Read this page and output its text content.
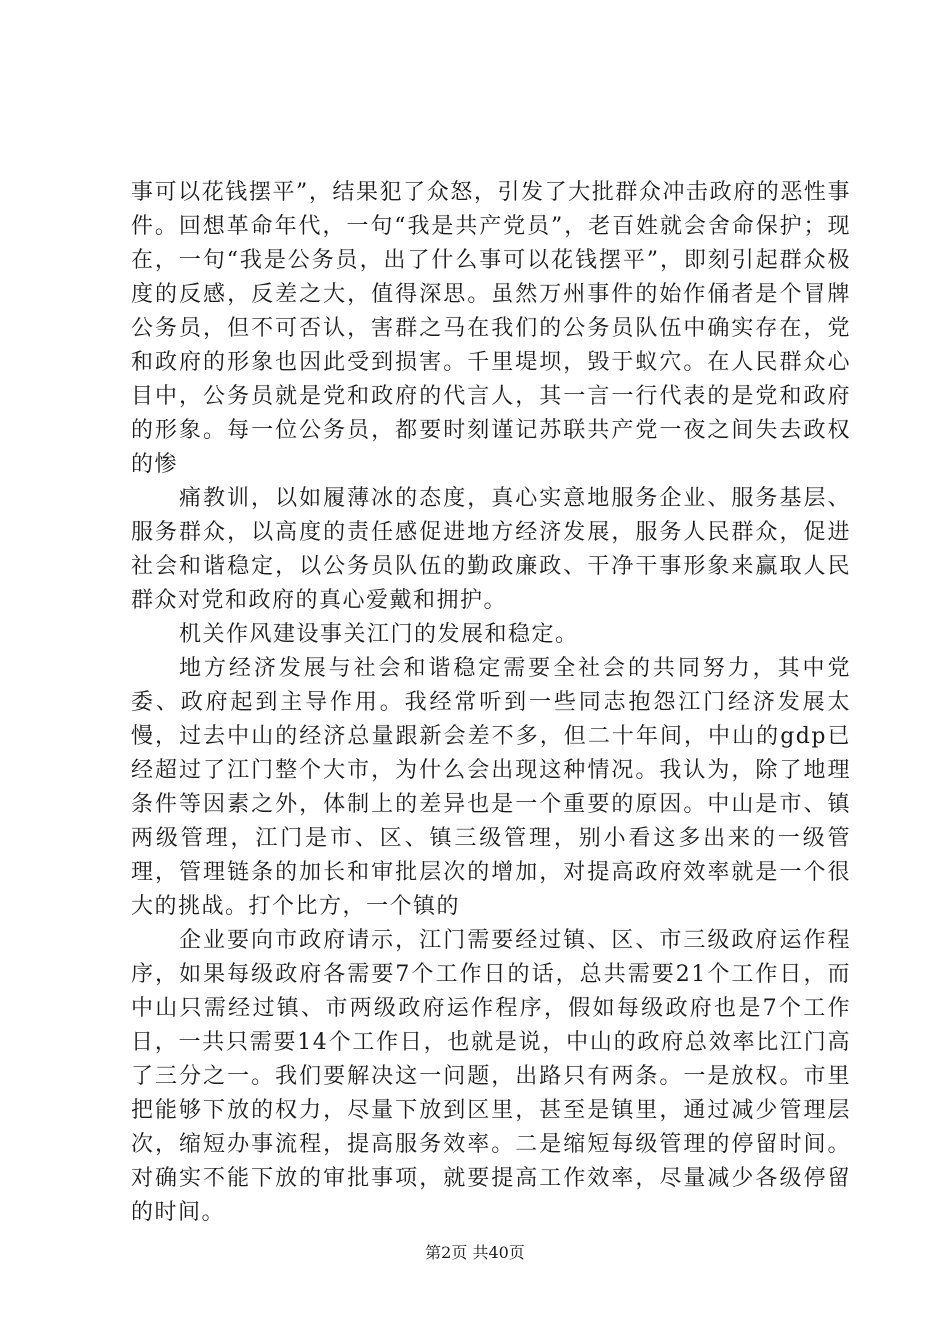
事可以花钱摆平”，结果犯了众怒，引发了大批群众冲击政府的恶性事件。回想革命年代，一句“我是共产党员”，老百姓就会舍命保护；现在，一句“我是公务员，出了什么事可以花钱摆平”，即刻引起群众极度的反感，反差之大，值得深思。虽然万州事件的始作俑者是个冒牌公务员，但不可否认，害群之马在我们的公务员队伍中确实存在，党和政府的形象也因此受到损害。千里堤坝，毁于蚁穴。在人民群众心目中，公务员就是党和政府的代言人，其一言一行代表的是党和政府的形象。每一位公务员，都要时刻谨记苏联共产党一夜之间失去政权的惨

痛教训，以如履薄冰的态度，真心实意地服务企业、服务基层、服务群众，以高度的责任感促进地方经济发展，服务人民群众，促进社会和谐稳定，以公务员队伍的勤政廉政、干净干事形象来赢取人民群众对党和政府的真心爱戴和拥护。

机关作风建设事关江门的发展和稳定。

地方经济发展与社会和谐稳定需要全社会的共同努力，其中党委、政府起到主导作用。我经常听到一些同志抱怨江门经济发展太慢，过去中山的经济总量跟新会差不多，但二十年间，中山的gdp已经超过了江门整个大市，为什么会出现这种情况。我认为，除了地理条件等因素之外，体制上的差异也是一个重要的原因。中山是市、镇两级管理，江门是市、区、镇三级管理，别小看这多出来的一级管理，管理链条的加长和审批层次的增加，对提高政府效率就是一个很大的挑战。打个比方，一个镇的

企业要向市政府请示，江门需要经过镇、区、市三级政府运作程序，如果每级政府各需要7个工作日的话，总共需要21个工作日，而中山只需经过镇、市两级政府运作程序，假如每级政府也是7个工作日，一共只需要14个工作日，也就是说，中山的政府总效率比江门高了三分之一。我们要解决这一问题，出路只有两条。一是放权。市里把能够下放的权力，尽量下放到区里，甚至是镇里，通过减少管理层次，缩短办事流程，提高服务效率。二是缩短每级管理的停留时间。对确实不能下放的审批事项，就要提高工作效率，尽量减少各级停留的时间。

第2页 共40页
